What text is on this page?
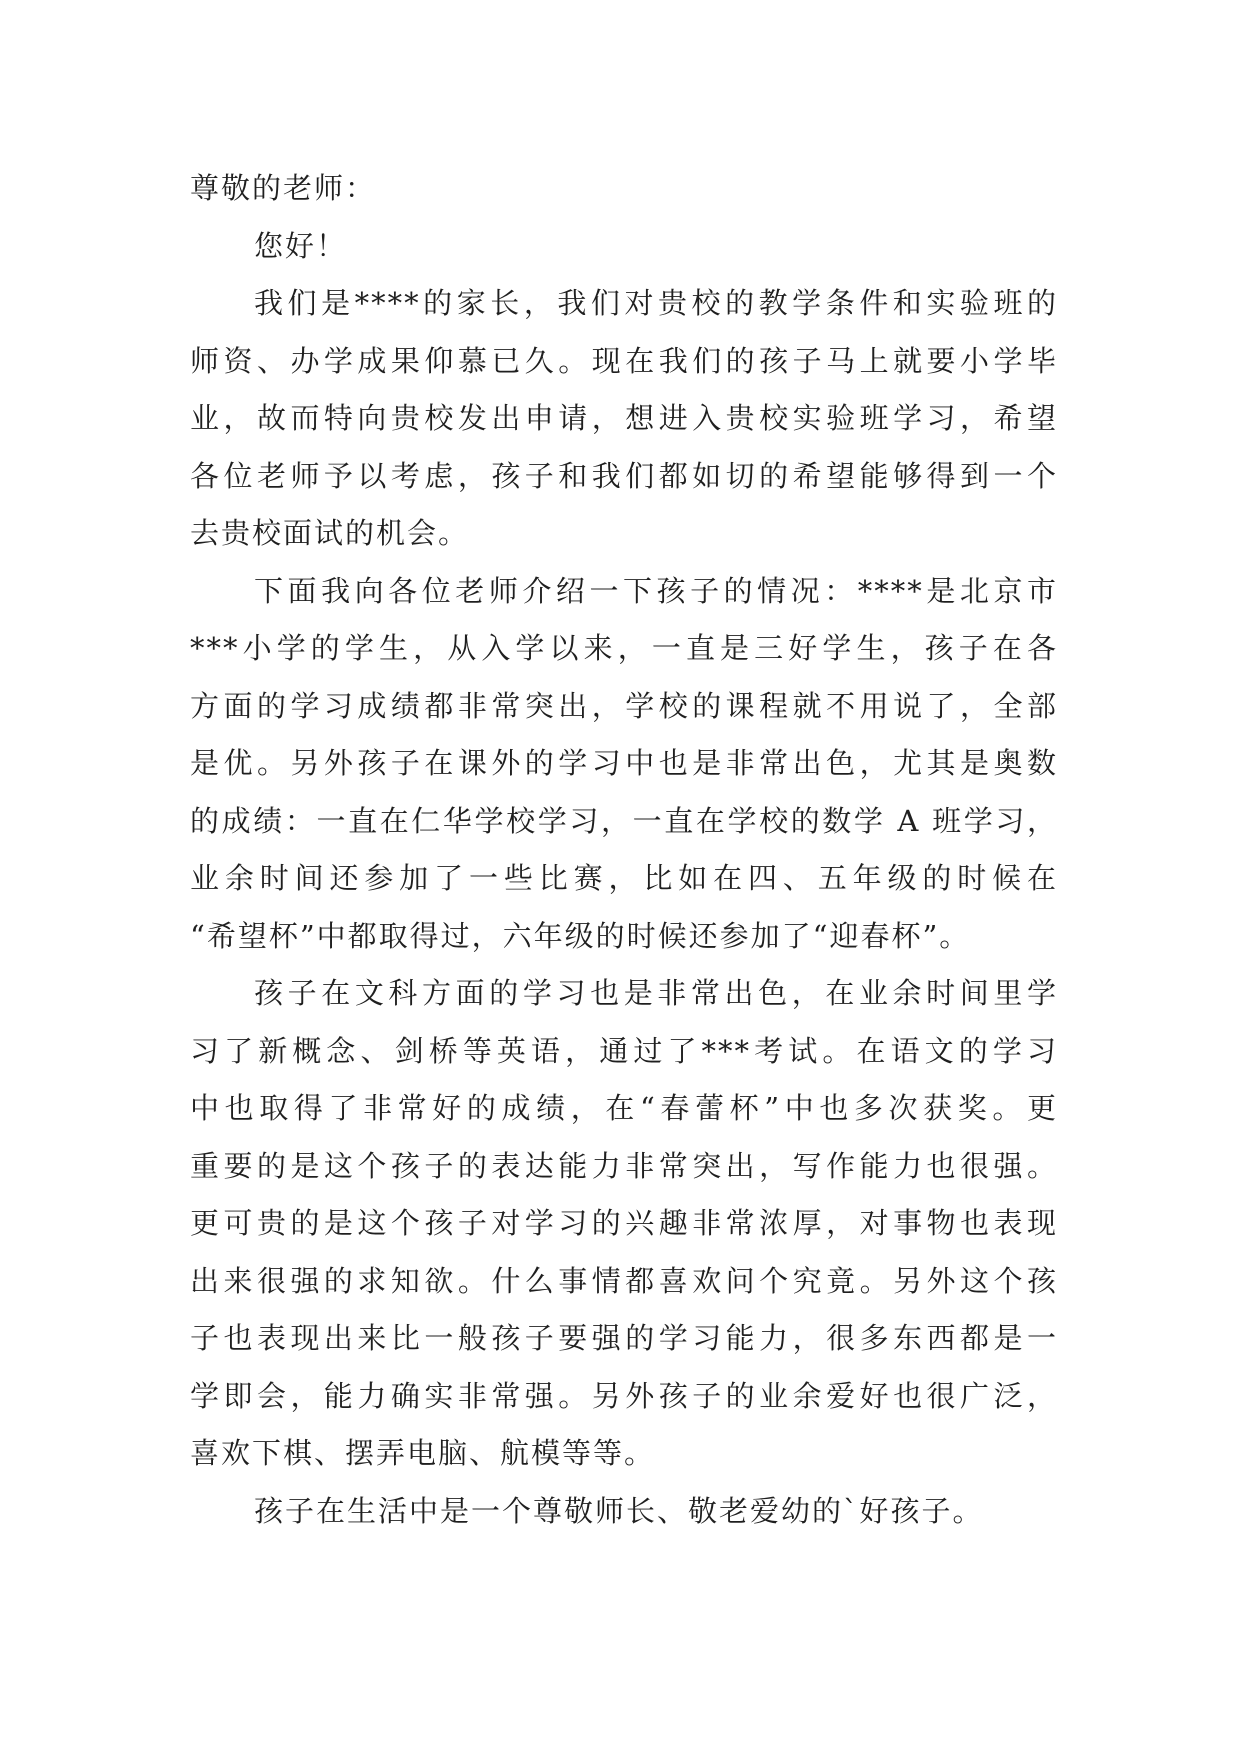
尊敬的老师：
您好！
我们是****的家长，我们对贵校的教学条件和实验班的
师资、办学成果仰慕已久。现在我们的孩子马上就要小学毕
业，故而特向贵校发出申请，想进入贵校实验班学习，希望
各位老师予以考虑，孩子和我们都如切的希望能够得到一个
去贵校面试的机会。
下面我向各位老师介绍一下孩子的情况：****是北京市
***小学的学生，从入学以来，一直是三好学生，孩子在各
方面的学习成绩都非常突出，学校的课程就不用说了，全部
是优。另外孩子在课外的学习中也是非常出色，尤其是奥数
的成绩：一直在仁华学校学习，一直在学校的数学 A 班学习，
业余时间还参加了一些比赛，比如在四、五年级的时候在
“希望杯”中都取得过，六年级的时候还参加了“迎春杯”。
孩子在文科方面的学习也是非常出色，在业余时间里学
习了新概念、剑桥等英语，通过了***考试。在语文的学习
中也取得了非常好的成绩，在“春蕾杯”中也多次获奖。更
重要的是这个孩子的表达能力非常突出，写作能力也很强。
更可贵的是这个孩子对学习的兴趣非常浓厚，对事物也表现
出来很强的求知欲。什么事情都喜欢问个究竟。另外这个孩
子也表现出来比一般孩子要强的学习能力，很多东西都是一
学即会，能力确实非常强。另外孩子的业余爱好也很广泛，
喜欢下棋、摆弄电脑、航模等等。
孩子在生活中是一个尊敬师长、敬老爱幼的`好孩子。
